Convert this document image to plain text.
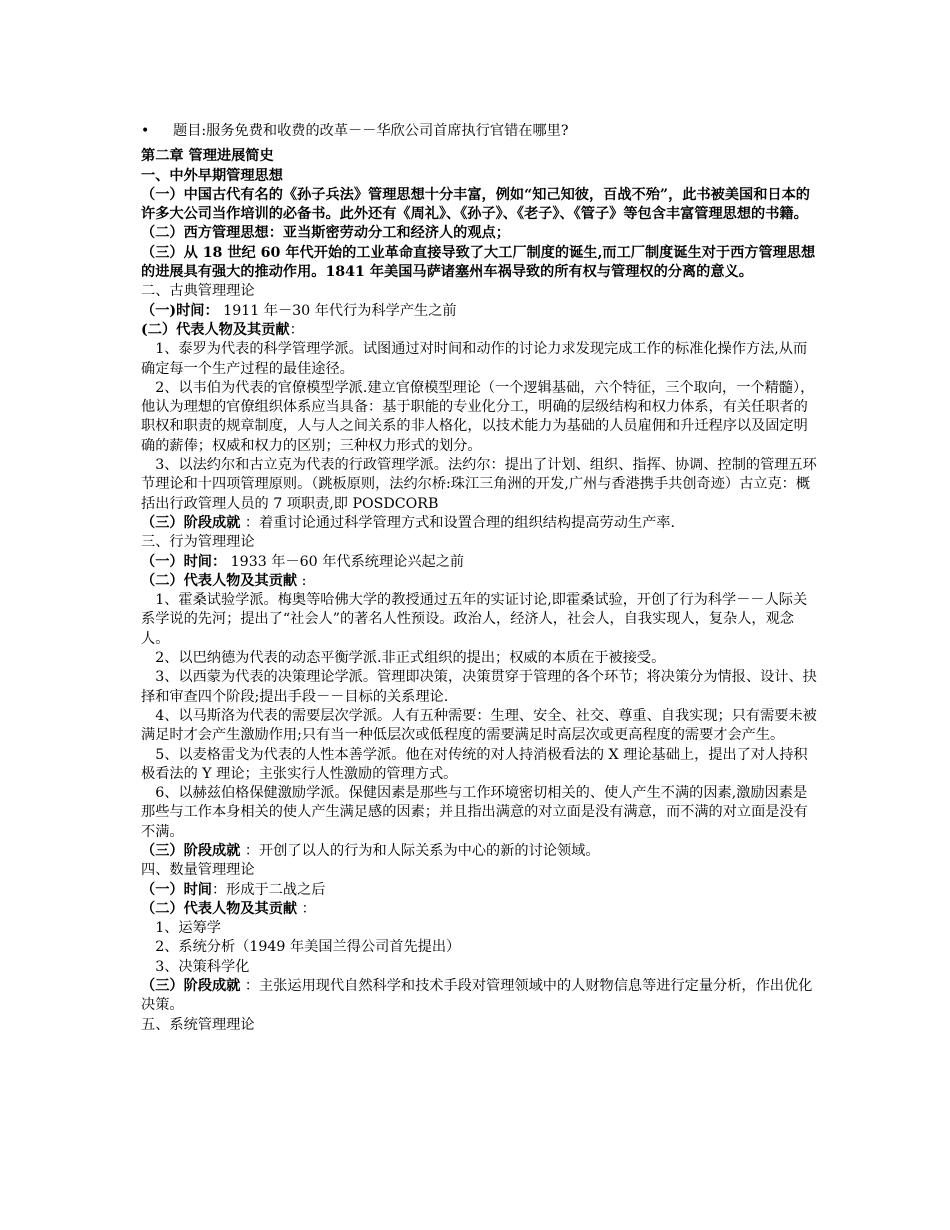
• 题目:服务免费和收费的改革－－华欣公司首席执行官错在哪里?

第二章 管理进展简史

一、中外早期管理思想

（一）中国古代有名的《孙子兵法》管理思想十分丰富，例如“知己知彼，百战不殆”，此书被美国和日本的许多大公司当作培训的必备书。此外还有《周礼》、《孙子》、《老子》、《管子》等包含丰富管理思想的书籍。

（二）西方管理思想：亚当斯密劳动分工和经济人的观点；

（三）从 18 世纪 60 年代开始的工业革命直接导致了大工厂制度的诞生,而工厂制度诞生对于西方管理思想的进展具有强大的推动作用。1841 年美国马萨诸塞州车祸导致的所有权与管理权的分离的意义。

二、古典管理理论

（一)时间： 1911 年－30 年代行为科学产生之前

(二）代表人物及其贡献：

1、泰罗为代表的科学管理学派。试图通过对时间和动作的讨论力求发现完成工作的标准化操作方法,从而确定每一个生产过程的最佳途径。

2、以韦伯为代表的官僚模型学派.建立官僚模型理论（一个逻辑基础，六个特征，三个取向，一个精髓），他认为理想的官僚组织体系应当具备：基于职能的专业化分工，明确的层级结构和权力体系，有关任职者的职权和职责的规章制度，人与人之间关系的非人格化，以技术能力为基础的人员雇佣和升迁程序以及固定明确的薪俸；权威和权力的区别；三种权力形式的划分。

3、以法约尔和古立克为代表的行政管理学派。法约尔：提出了计划、组织、指挥、协调、控制的管理五环节理论和十四项管理原则。（跳板原则，法约尔桥:珠江三角洲的开发,广州与香港携手共创奇迹）古立克：概括出行政管理人员的 7 项职责,即 POSDCORB

（三）阶段成就 ：着重讨论通过科学管理方式和设置合理的组织结构提高劳动生产率.

三、行为管理理论

（一）时间： 1933 年－60 年代系统理论兴起之前

（二）代表人物及其贡献 :

1、霍桑试验学派。梅奥等哈佛大学的教授通过五年的实证讨论,即霍桑试验，开创了行为科学－－人际关系学说的先河；提出了“社会人”的著名人性预设。政治人，经济人，社会人，自我实现人，复杂人，观念人。

2、以巴纳德为代表的动态平衡学派.非正式组织的提出；权威的本质在于被接受。

3、以西蒙为代表的决策理论学派。管理即决策，决策贯穿于管理的各个环节；将决策分为情报、设计、抉择和审查四个阶段;提出手段－－目标的关系理论.

4、以马斯洛为代表的需要层次学派。人有五种需要：生理、安全、社交、尊重、自我实现；只有需要未被满足时才会产生激励作用;只有当一种低层次或低程度的需要满足时高层次或更高程度的需要才会产生。

5、以麦格雷戈为代表的人性本善学派。他在对传统的对人持消极看法的 X 理论基础上，提出了对人持积极看法的 Y 理论；主张实行人性激励的管理方式。

6、以赫兹伯格保健激励学派。保健因素是那些与工作环境密切相关的、使人产生不满的因素,激励因素是那些与工作本身相关的使人产生满足感的因素；并且指出满意的对立面是没有满意，而不满的对立面是没有不满。

（三）阶段成就 ：开创了以人的行为和人际关系为中心的新的讨论领域。

四、数量管理理论

（一）时间：形成于二战之后

（二）代表人物及其贡献 ：

1、运筹学

2、系统分析（1949 年美国兰得公司首先提出）

3、决策科学化

（三）阶段成就 ：主张运用现代自然科学和技术手段对管理领域中的人财物信息等进行定量分析，作出优化决策。

五、系统管理理论
